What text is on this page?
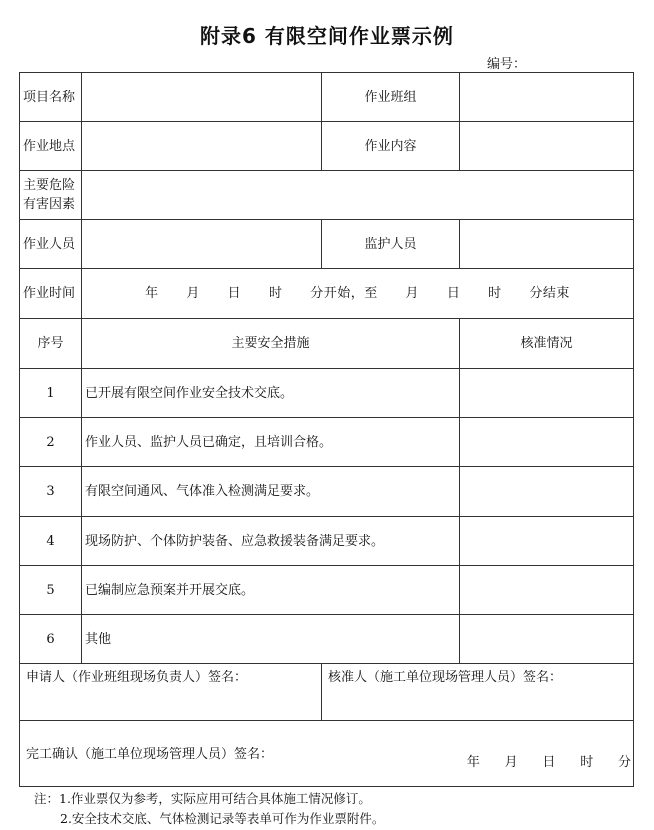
附录6 有限空间作业票示例
编号：
项目名称		作业班组	
作业地点		作业内容	

主要危险
有害因素			

作业人员		监护人员	
作业时间	年      月      日      时      分开始，至      月      日      时      分结束		
序号	主要安全措施		核准情况
1	已开展有限空间作业安全技术交底。		
2	作业人员、监护人员已确定，且培训合格。		
3	有限空间通风、气体准入检测满足要求。		
4	现场防护、个体防护装备、应急救援装备满足要求。		
5	已编制应急预案并开展交底。		
6	其他		
申请人（作业班组现场负责人）签名：		核准人（施工单位现场管理人员）签名：	

完工确认（施工单位现场管理人员）签名：
年      月      日      时      分			
注：1.作业票仅为参考，实际应用可结合具体施工情况修订。
2.安全技术交底、气体检测记录等表单可作为作业票附件。
